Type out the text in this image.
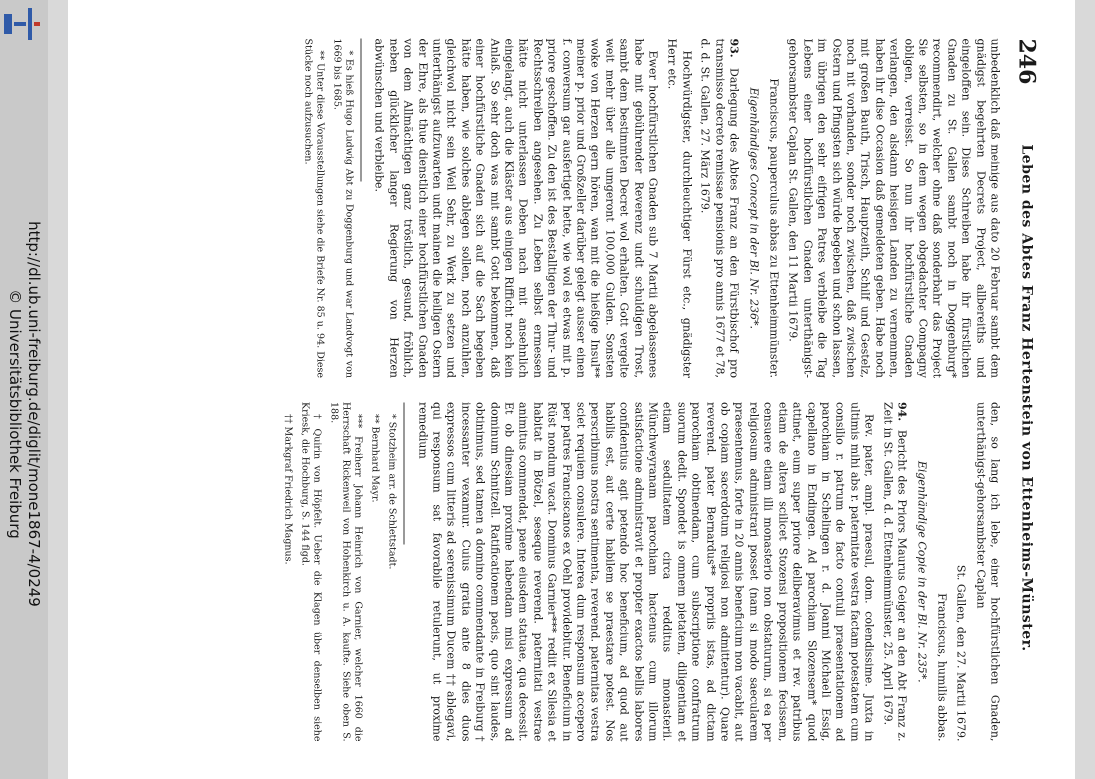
http://dl.ub.uni-freiburg.de/diglit/mone1867-4/0249
© Universitätsbibliothek Freiburg
246
Leben des Abtes Franz Hertenstein von Ettenheims-Münster.

unbedenklich daß meinige aus dato 20 Februar sambt dem gnädigst begehrten Decrets Project, allbereiths und eingeloffen sein. Dises Schreiben habe ihr fürstlichen Gnaden zu St. Gallen sambt noch in Doggenburg* recommendirt, welcher ohne daß sonderbahr das Project Sie selbsten, so in dem wegen obgedachter Compagny obligen, verreisst. So nun ihr hochfürstliche Gnaden verlangen, den alsdann heisigen Landen zu vernemmen, haben ihr dise Occasion daß gemeldeten geben. Habe noch mit großen Bauth, Trisch, Hauptzeith, Schilf und Gestelz, noch nit vorhanden, sonder noch zwischen, daß zwischen Ostern und Pfingsten sich würde begeben und schon lassen, im übrigen den sehr eifrigen Patres verbleibe die Tag Lebens einer hochfürstlichen Gnaden unterthänigst-gehorsambster Caplan St. Gallen, den 11 Martii 1679.

Franciscus, pauperculus abbas zu Ettenheimmünster.

Eigenhändiges Concept in der Bl. Nr. 236*.

93. Darlegung des Abtes Franz an den Fürstbischof pro transmisso decreto remissae pensionis pro annis 1677 et 78, d. d. St. Gallen, 27. März 1679.

Hochwürdigster, durchleuchtiger Fürst etc., gnädigster Herr etc.

Ewer hochfürstlichen Gnaden sub 7 Martii abgelassenes habe mit gebührender Reverenz undt schuldigen Trost, sambt dem bestimmten Decret wol erhalten. Gott vergelte weit mehr über alle umgeront 100,000 Gulden. Sonsten woke von Herzen gern hören, wan mit die hießige Insul** meiner p. prior und Großzeller darüber gelegt ausser einen f. conversum gar ausfertiget hette, wie wol es etwas mit p. priore geschoffen. Zu den ist des Bestalltigen der Thur- und Rechtsschreiben angesehen. Zu Leben selbst ermessen hätte nicht unterlassen Deben nach mit ansehnlich eingelangt, auch die Kläster aus einigen Rifficht noch kein Anlaß. So sehr doch was mit sambt Gott bekommen, daß einer hochfürstliche Gnaden sich auf die Sach begeben hätte haben, wie solches ablegen sollen, noch anzuhlen, gleichwol nicht sein Weil Sehr, zu Werk zu setzen und unterthänigst aufzuwarten undt mainen die heiligen Ostern der Ehre, als thue dienstlich einer hochfürstlichen Gnaden von dem Allmächtigen ganz tröstlich, gesund, fröhlich, neben glücklicher langer Regierung von Herzen abwünschen und verbleibe.

* Es hieß Hugo Ludwig Abt zu Doggenburg und war Landvogt von 1669 bis 1685.

** Unter diese Vorausstellungen siehe die Briefe Nr. 85 u. 94. Diese Stücke noch aufzusuchen.

den, so lang ich lebe, einer hochfürstlichen Gnaden, unterthänigst-gehorsambster Caplan

St. Gallen, den 27. Martii 1679.

Franciscus, humilis abbas.

Eigenhändige Copie in der Bl. Nr. 235*.

94. Bericht des Priors Maurus Geiger an den Abt Franz z. Zeit in St. Gallen, d. d. Ettenheimmünster, 25. April 1679.

Rev. pater, ampl. praesul, dom. colendissime. Juxta in ultimis mihi abs r. paternitate vestra factam potestatem cum consilio r. patrum de facto contuli praesentationem ad parochiam in Schelingen r. d. Joanni Michaeli Essig, capellano in Endingen. Ad parochiam Slozensem* quod attinet, eum super priore deliberavimus et rev. patribus etiam de altera scilicet Stozensi propositionem fecissem, censuere etiam illi monasterio non obstaturum, si ea per religiosum administrari posset (nam si modo saecularem praesentemus, forte in 20 annis beneficium non vacabit, aut ob copiam sacerdotum religiosi non admittentur). Quare reverend. pater Bernardus** propriis istas, ad dictam parochiam obtinendam, cum subscriptione confratrum suorum dedit. Spondet is omnem pietatem, diligentiam et etiam sedulitatem circa redditus monasterii. Münchweyranam parochiam hactenus cum illorum satisfactione administravit et propter exactos bellis labores confidentius agit petendo hoc beneficium, ad quod aut habilis est, aut certe habilem se praestare potest. Nos perscribimus nostra sentimenta, reverend. paternitas vestra sciet requiem consulere. Interea dum responsum accepero per patres Franciscanos ex Oehl providebitur. Beneficium in Rüst nondum vacat. Dominus Garnier*** rediit ex Silesia et habitat in Bötzel, seseque reverend. paternitati vestrae animitus commendat, paene eiusdem statuae, qua decessit. Et ob dinesiam proxime habendam misi expressum ad dominum Schnitzell. Ratificationem pacis, quo sint laudes, obtinimus, sed tamen a domino commendante in Freiburg † incessanter vexamur. Cuius gratia ante 8 dies duos expressos cum litteris ad serenissimum Ducem †† ablegavi, qui responsum sat favorabile retulerunt, ut proxime remedium

* Stotzheim arr. de Schlettstadt.

** Bernhard Mayr.

*** Freiherr Johann Heinrich von Garnier, welcher 1660 die Herrschaft Rickenweil von Hohenkirch u. A. kaufte. Siehe oben S. 188.

† Quirin von Höpfelt. Ueber die Klagen über denselben siehe Kriesk, die Hochburg, S. 144 flgd.

†† Markgraf Friedrich Magnus.
